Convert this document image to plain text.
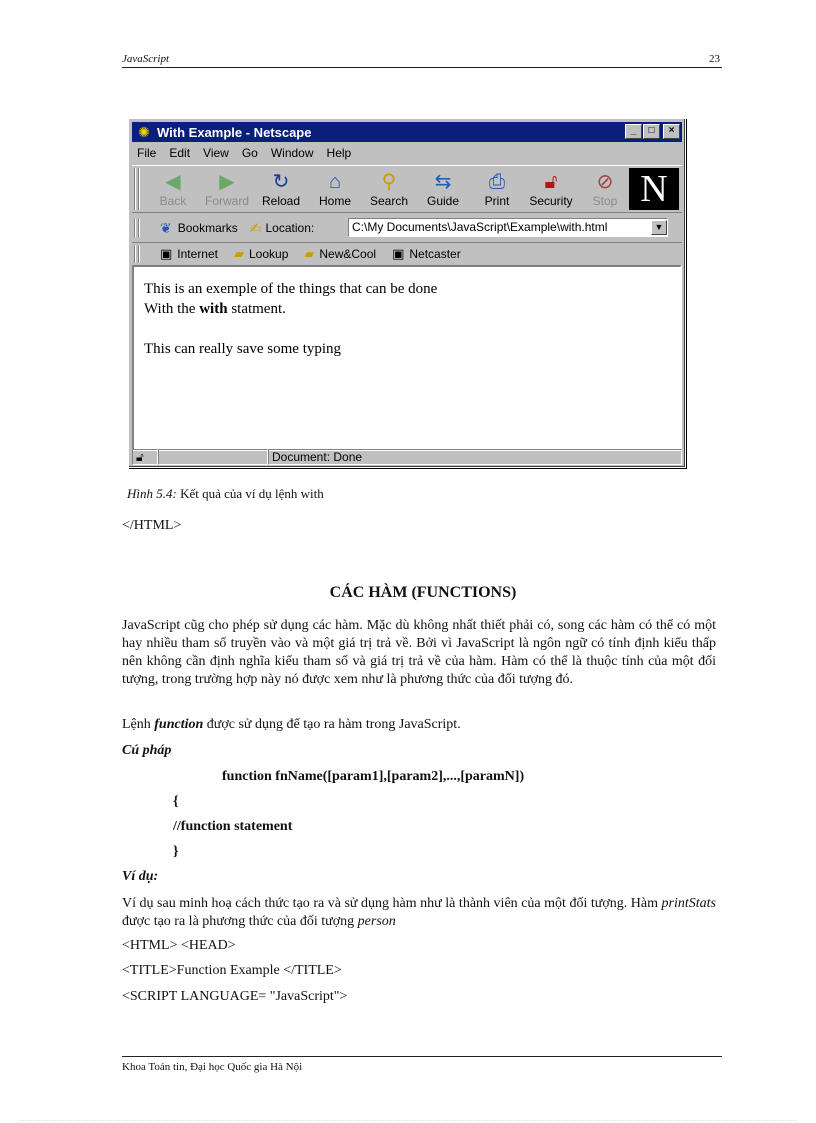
JavaScript	23
✺ With Example - Netscape	_	□	×
File Edit View Go Window Help
◀
Back
▶
Forward
↻
Reload
⌂
Home
⚲
Search
⇆
Guide
⎙
Print
🔓︎
Security
⊘
Stop N
❦ Bookmarks ✍ Location:	C:\My Documents\JavaScript\Example\with.html	▼
▣ Internet ▰ Lookup ▰ New&Cool ▣ Netcaster

This is an exemple of the things that can be done

With the with statment.

This can really save some typing

🔓︎	Document: Done
Hình 5.4: Kết quả của ví dụ lệnh with
</HTML>
CÁC HÀM (FUNCTIONS)

JavaScript cũg cho phép sử dụng các hàm. Mặc dù không nhất thiết phải có, song các hàm có thể có một hay nhiều tham số truyền vào và một giá trị trả về. Bởi vì JavaScript là ngôn ngữ có tính định kiểu thấp nên không cần định nghĩa kiểu tham số và giá trị trả về của hàm. Hàm có thể là thuộc tính của một đối tượng, trong trường hợp này nó được xem như là phương thức của đối tượng đó.

Lệnh function được sử dụng để tạo ra hàm trong JavaScript.
Cú pháp
function fnName([param1],[param2],...,[paramN])
{
//function statement
}
Ví dụ:

Ví dụ sau minh hoạ cách thức tạo ra và sử dụng hàm như là thành viên của một đối tượng. Hàm printStats được tạo ra là phương thức của đối tượng person

<HTML> <HEAD>
<TITLE>Function Example </TITLE>
<SCRIPT LANGUAGE= "JavaScript">
Khoa Toán tin, Đại học Quốc gia Hà Nội
